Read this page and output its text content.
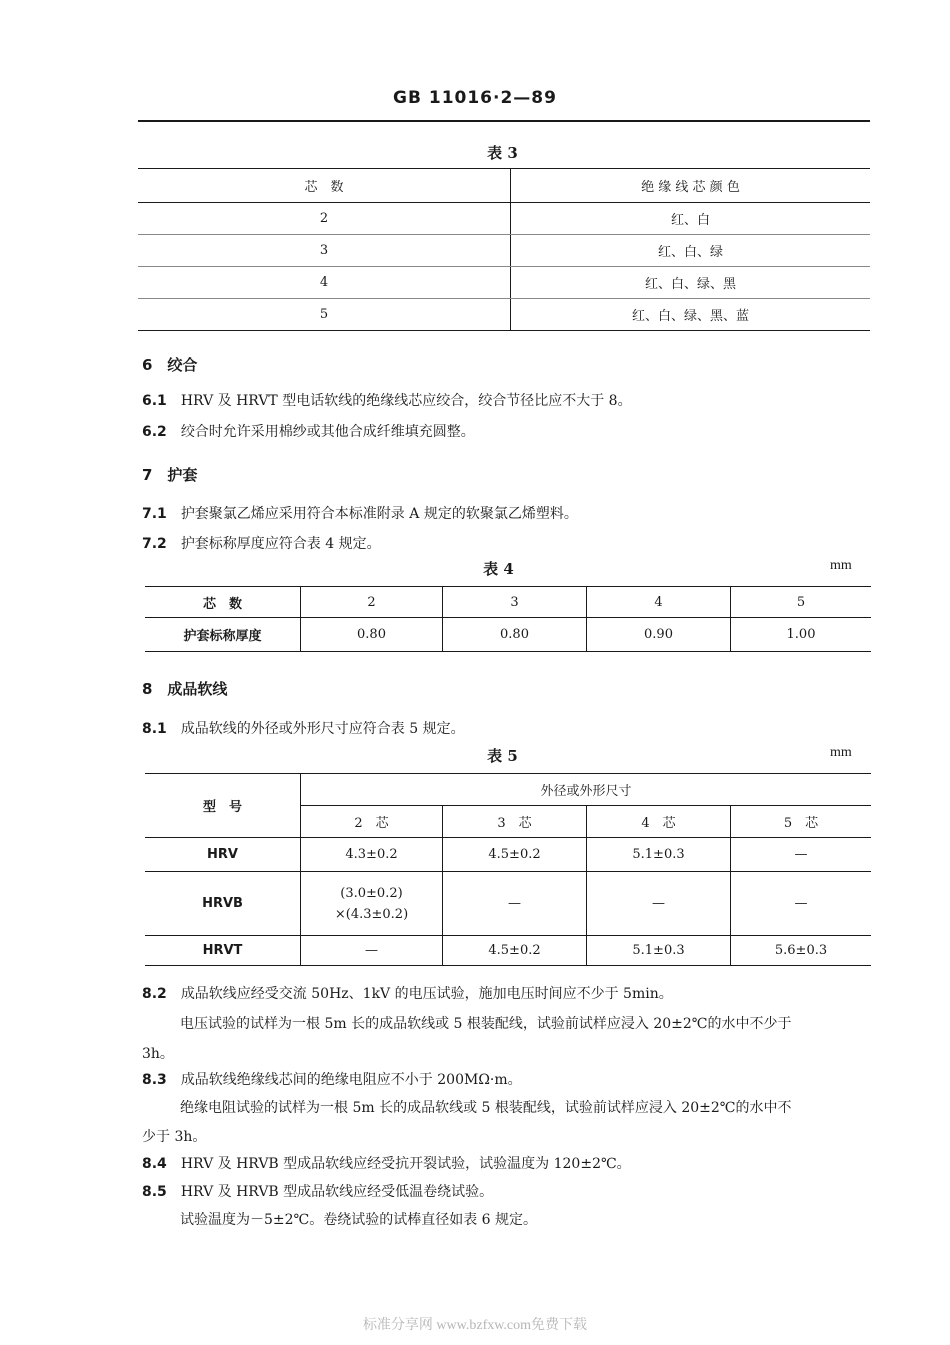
GB 11016·2—89
表 3
芯　数	绝 缘 线 芯 颜 色
2	红、白
3	红、白、绿
4	红、白、绿、黑
5	红、白、绿、黑、蓝
6　绞合
6.1 HRV 及 HRVT 型电话软线的绝缘线芯应绞合，绞合节径比应不大于 8。
6.2 绞合时允许采用棉纱或其他合成纤维填充圆整。
7　护套
7.1 护套聚氯乙烯应采用符合本标准附录 A 规定的软聚氯乙烯塑料。
7.2 护套标称厚度应符合表 4 规定。
表 4	mm
芯　数	2	3	4	5
护套标称厚度	0.80	0.80	0.90	1.00
8　成品软线
8.1 成品软线的外径或外形尺寸应符合表 5 规定。
表 5	mm
型　号	外径或外形尺寸			
	2　芯	3　芯	4　芯	5　芯
HRV	4.3±0.2	4.5±0.2	5.1±0.3	—
HRVB	(3.0±0.2)
×(4.3±0.2)	—	—	—
HRVT	—	4.5±0.2	5.1±0.3	5.6±0.3
8.2 成品软线应经受交流 50Hz、1kV 的电压试验，施加电压时间应不少于 5min。
电压试验的试样为一根 5m 长的成品软线或 5 根装配线，试验前试样应浸入 20±2℃的水中不少于
3h。
8.3 成品软线绝缘线芯间的绝缘电阻应不小于 200MΩ·m。
绝缘电阻试验的试样为一根 5m 长的成品软线或 5 根装配线，试验前试样应浸入 20±2℃的水中不
少于 3h。
8.4 HRV 及 HRVB 型成品软线应经受抗开裂试验，试验温度为 120±2℃。
8.5 HRV 及 HRVB 型成品软线应经受低温卷绕试验。
试验温度为－5±2℃。卷绕试验的试棒直径如表 6 规定。
标准分享网 www.bzfxw.com免费下载
